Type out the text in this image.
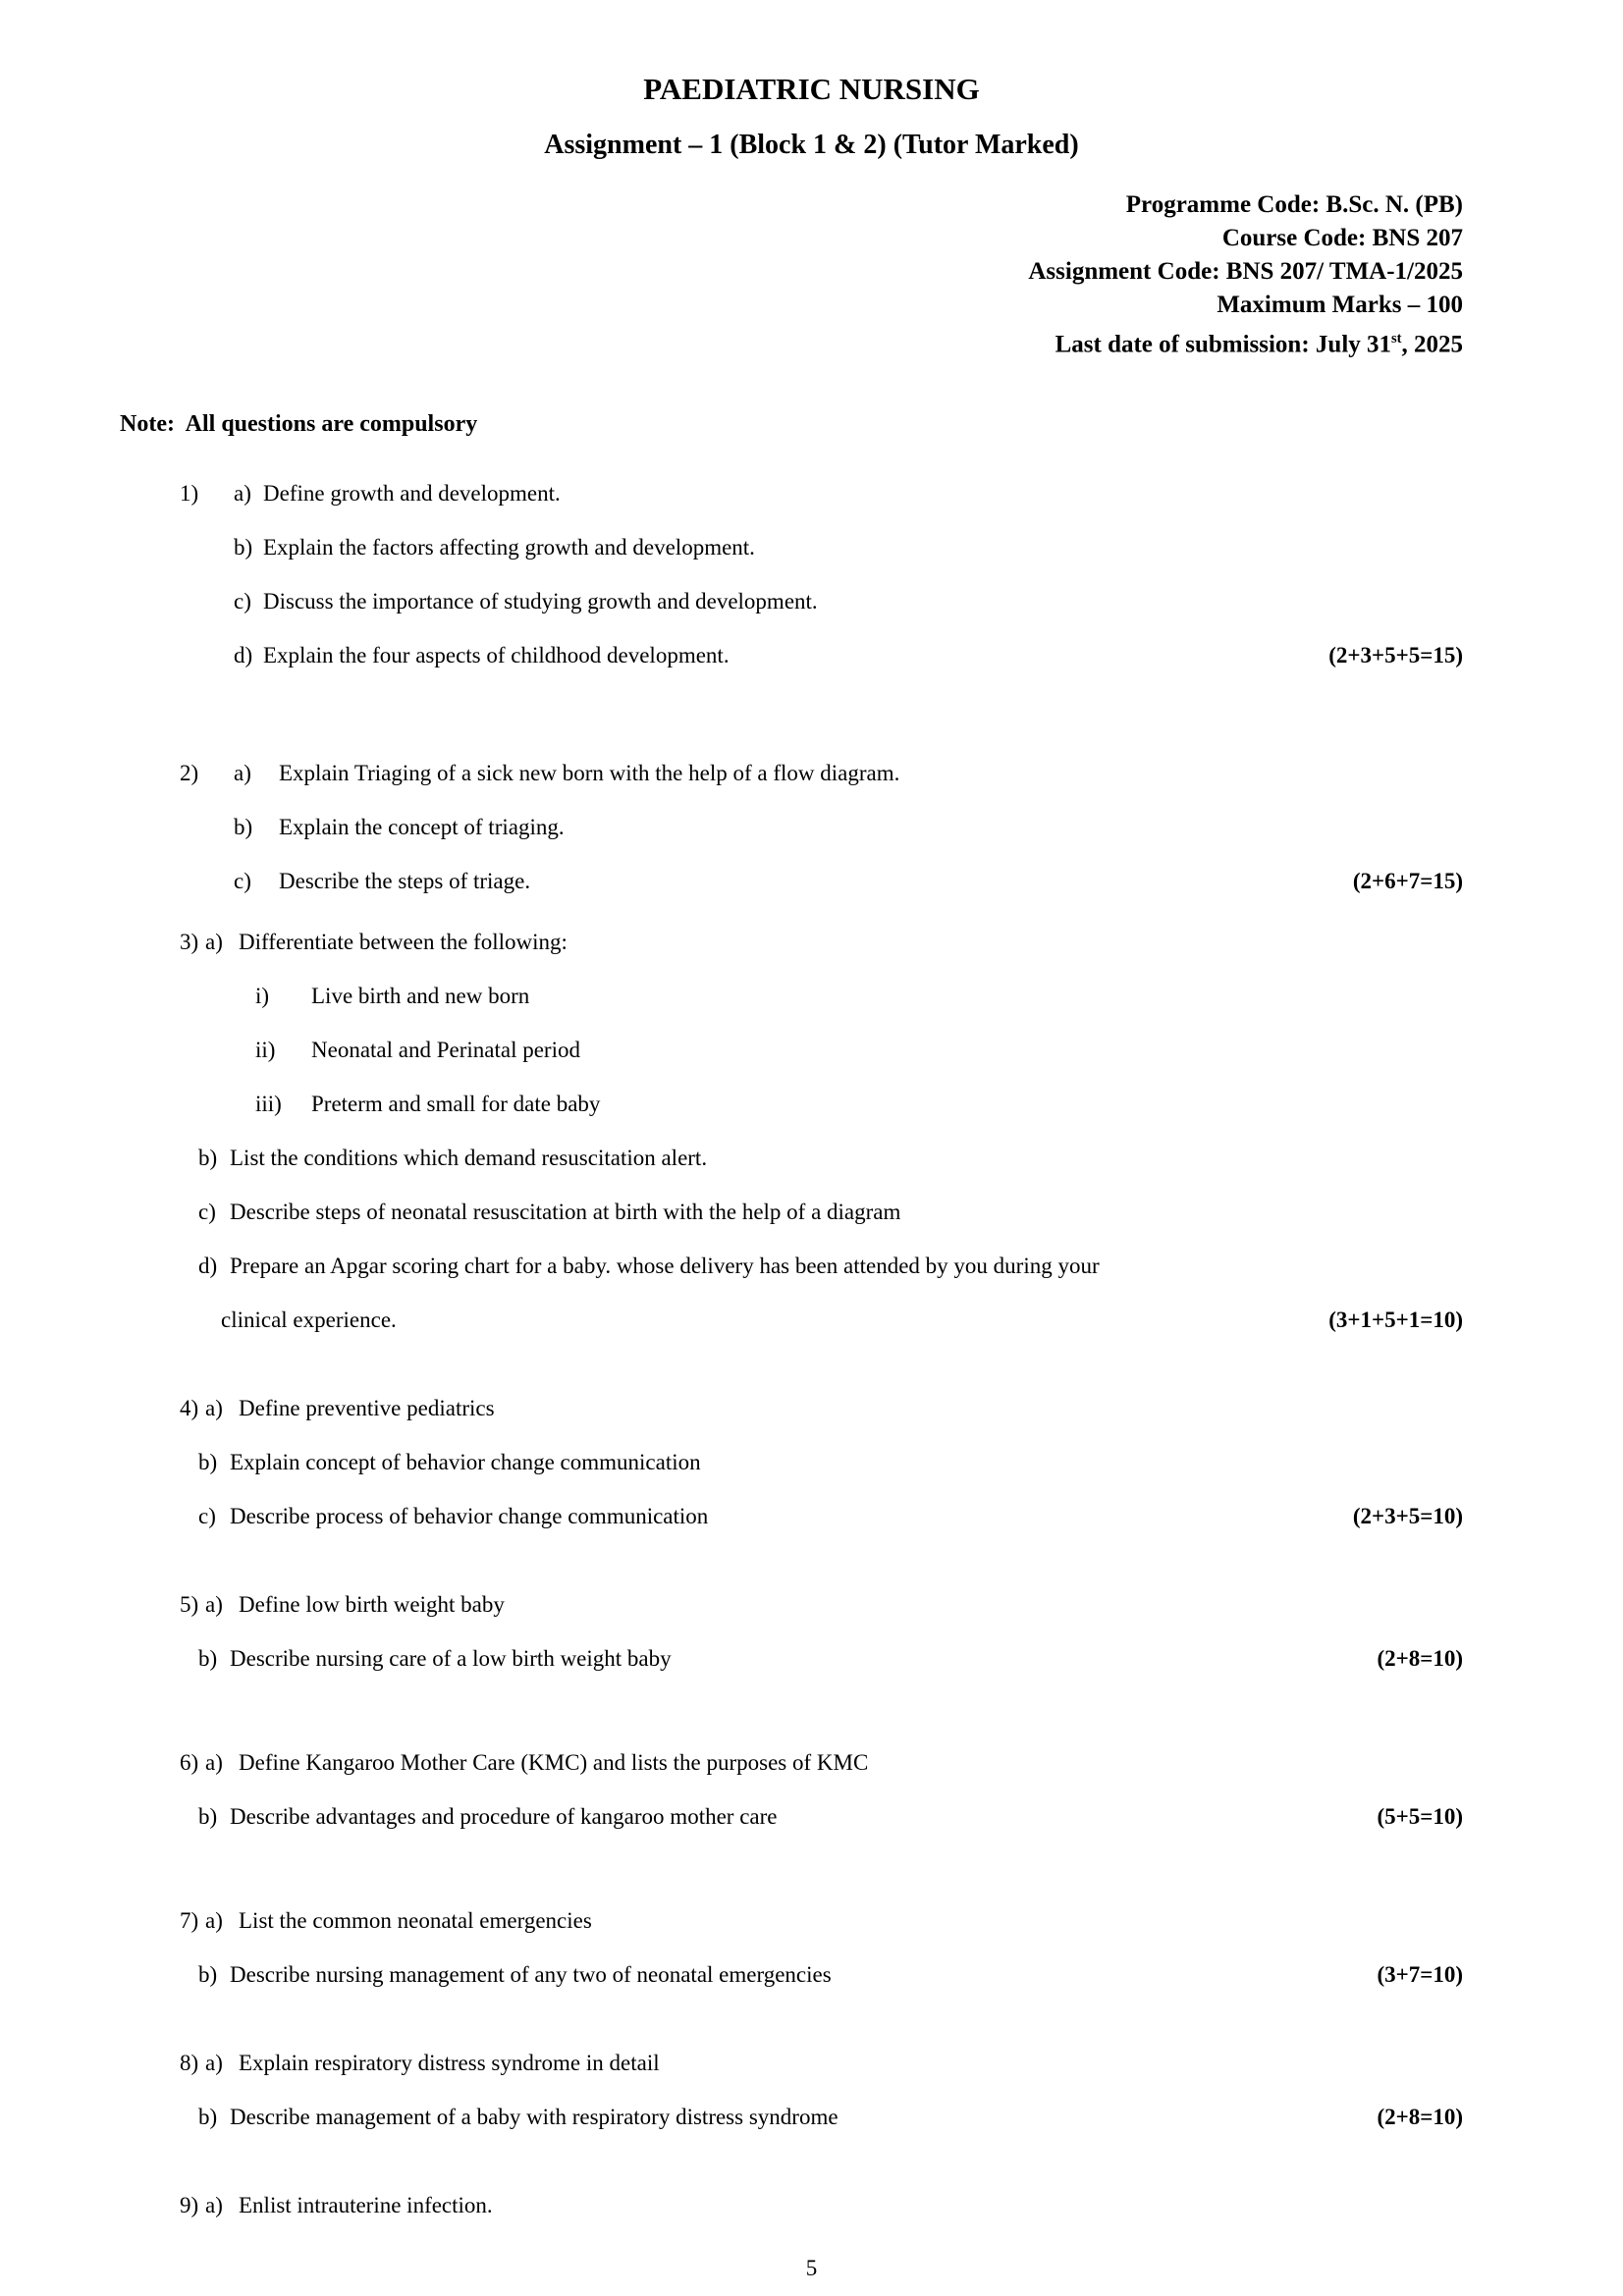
PAEDIATRIC NURSING
Assignment – 1 (Block 1 & 2) (Tutor Marked)
Programme Code: B.Sc. N. (PB)
Course Code: BNS 207
Assignment Code: BNS 207/ TMA-1/2025
Maximum Marks – 100
Last date of submission: July 31st, 2025
Note:  All questions are compulsory
1)	a) Define growth and development.
b) Explain the factors affecting growth and development.
c) Discuss the importance of studying growth and development.
d) Explain the four aspects of childhood development.	(2+3+5+5=15)
2)	a)	Explain Triaging of a sick new born with the help of a flow diagram.
b)	Explain the concept of triaging.
c)	Describe the steps of triage.	(2+6+7=15)
3) a) Differentiate between the following:
i)	Live birth and new born
ii)	Neonatal and Perinatal period
iii)	Preterm and small for date baby
b) List the conditions which demand resuscitation alert.
c) Describe steps of neonatal resuscitation at birth with the help of a diagram
d) Prepare an Apgar scoring chart for a baby. whose delivery has been attended by you during your
clinical experience.	(3+1+5+1=10)
4) a) Define preventive pediatrics
b) Explain concept of behavior change communication
c) Describe process of behavior change communication	(2+3+5=10)
5) a) Define low birth weight baby
b) Describe nursing care of a low birth weight baby	(2+8=10)
6) a) Define Kangaroo Mother Care (KMC) and lists the purposes of KMC
b) Describe advantages and procedure of kangaroo mother care	(5+5=10)
7) a) List the common neonatal emergencies
b) Describe nursing management of any two of neonatal emergencies	(3+7=10)
8) a) Explain respiratory distress syndrome in detail
b) Describe management of a baby with respiratory distress syndrome	(2+8=10)
9) a) Enlist intrauterine infection.
5
